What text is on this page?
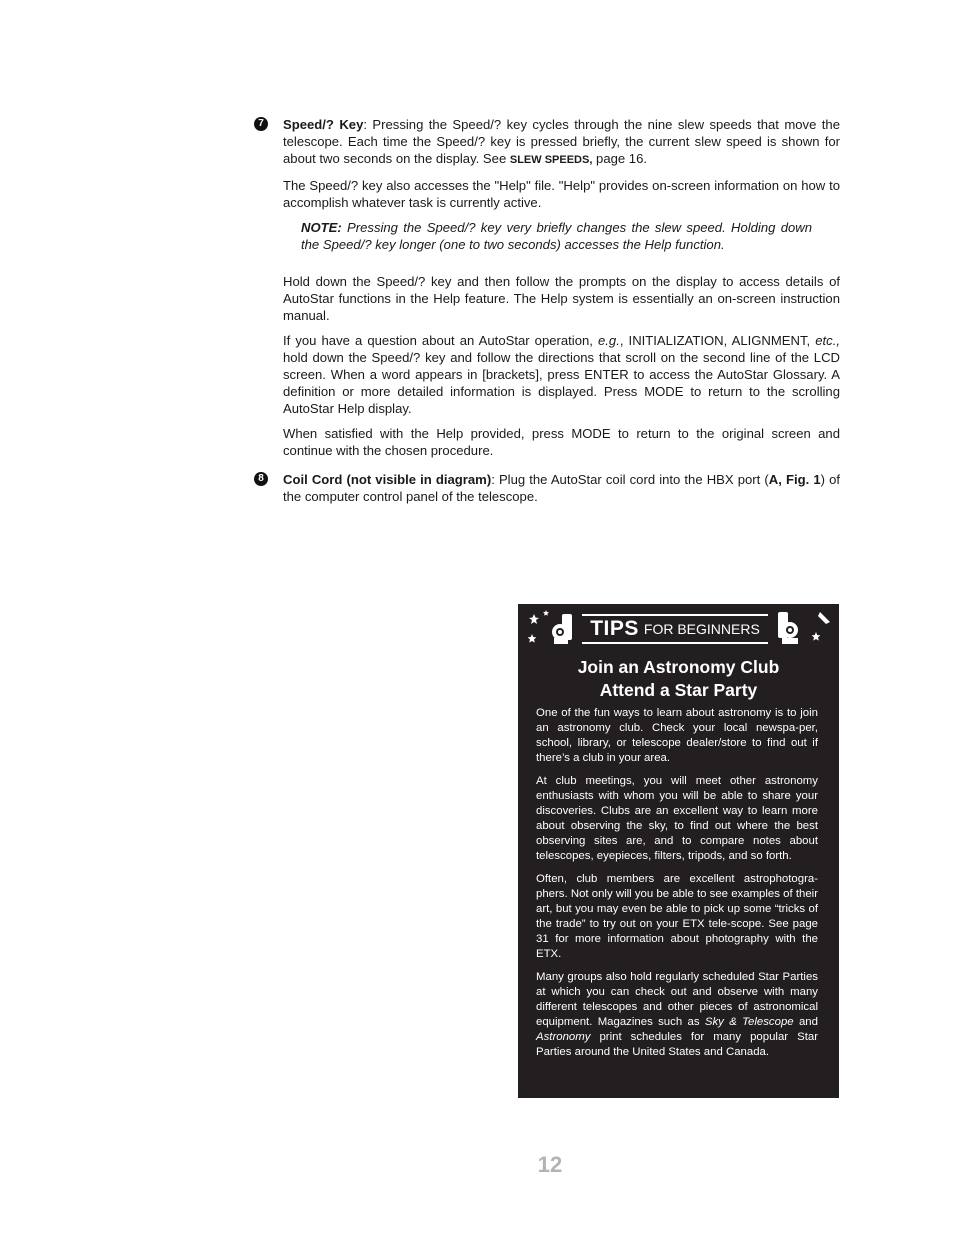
7	Speed/? Key: Pressing the Speed/? key cycles through the nine slew speeds that move the telescope. Each time the Speed/? key is pressed briefly, the current slew speed is shown for about two seconds on the display. See SLEW SPEEDS, page 16.

The Speed/? key also accesses the "Help" file. "Help" provides on-screen information on how to accomplish whatever task is currently active.

NOTE: Pressing the Speed/? key very briefly changes the slew speed. Holding down the Speed/? key longer (one to two seconds) accesses the Help function.

Hold down the Speed/? key and then follow the prompts on the display to access details of AutoStar functions in the Help feature. The Help system is essentially an on-screen instruction manual.

If you have a question about an AutoStar operation, e.g., INITIALIZATION, ALIGNMENT, etc., hold down the Speed/? key and follow the directions that scroll on the second line of the LCD screen. When a word appears in [brackets], press ENTER to access the AutoStar Glossary. A definition or more detailed information is displayed. Press MODE to return to the scrolling AutoStar Help display.

When satisfied with the Help provided, press MODE to return to the original screen and continue with the chosen procedure.

8	Coil Cord (not visible in diagram): Plug the AutoStar coil cord into the HBX port (A, Fig. 1) of the computer control panel of the telescope.

TIPS FOR BEGINNERS
Join an Astronomy Club
Attend a Star Party

One of the fun ways to learn about astronomy is to join an astronomy club. Check your local newspa-per, school, library, or telescope dealer/store to find out if there’s a club in your area.

At club meetings, you will meet other astronomy enthusiasts with whom you will be able to share your discoveries. Clubs are an excellent way to learn more about observing the sky, to find out where the best observing sites are, and to compare notes about telescopes, eyepieces, filters, tripods, and so forth.

Often, club members are excellent astrophotogra-phers. Not only will you be able to see examples of their art, but you may even be able to pick up some “tricks of the trade” to try out on your ETX tele-scope. See page 31 for more information about photography with the ETX.

Many groups also hold regularly scheduled Star Parties at which you can check out and observe with many different telescopes and other pieces of astronomical equipment. Magazines such as Sky & Telescope and Astronomy print schedules for many popular Star Parties around the United States and Canada.

12
